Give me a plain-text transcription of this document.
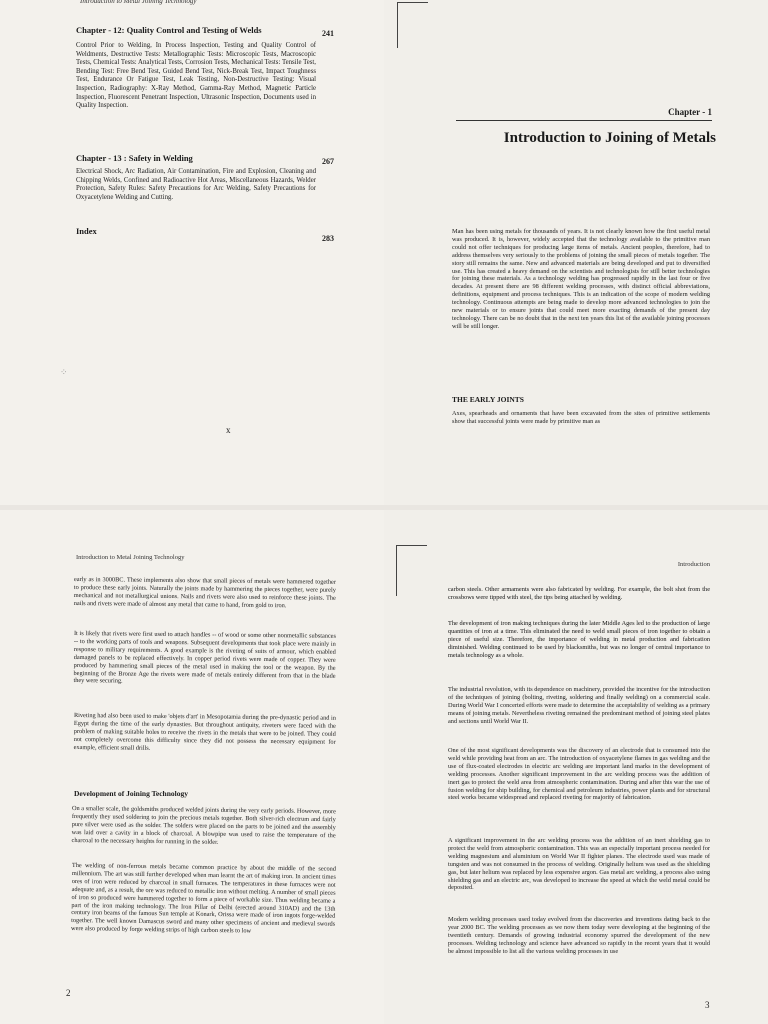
Introduction to Metal Joining Technology
Chapter - 12: Quality Control and Testing of Welds	241
Control Prior to Welding, In Process Inspection, Testing and Quality Control of Weldments, Destructive Tests: Metallographic Tests: Microscopic Tests, Macroscopic Tests, Chemical Tests: Analytical Tests, Corrosion Tests, Mechanical Tests: Tensile Test, Bending Test: Free Bend Test, Guided Bend Test, Nick-Break Test, Impact Toughness Test, Endurance Or Fatigue Test, Leak Testing, Non-Destructive Testing: Visual Inspection, Radiography: X-Ray Method, Gamma-Ray Method, Magnetic Particle Inspection, Fluorescent Penetrant Inspection, Ultrasonic Inspection, Documents used in Quality Inspection.
Chapter - 13 : Safety in Welding	267
Electrical Shock, Arc Radiation, Air Contamination, Fire and Explosion, Cleaning and Chipping Welds, Confined and Radioactive Hot Areas, Miscellaneous Hazards, Welder Protection, Safety Rules: Safety Precautions for Arc Welding, Safety Precautions for Oxyacetylene Welding and Cutting.
Index
283
⁘
x
Chapter - 1
Introduction to Joining of Metals
Man has been using metals for thousands of years. It is not clearly known how the first useful metal was produced. It is, however, widely accepted that the technology available to the primitive man could not offer techniques for producing large items of metals. Ancient peoples, therefore, had to address themselves very seriously to the problems of joining the small pieces of metals together. The story still remains the same. New and advanced materials are being developed and put to diversified use. This has created a heavy demand on the scientists and technologists for still better technologies for joining these materials. As a technology welding has progressed rapidly in the last four or five decades. At present there are 98 different welding processes, with distinct official abbreviations, definitions, equipment and process techniques. This is an indication of the scope of modern welding technology. Continuous attempts are being made to develop more advanced technologies to join the new materials or to ensure joints that could meet more exacting demands of the present day technology. There can be no doubt that in the next ten years this list of the available joining processes will be still longer.
THE EARLY JOINTS
Axes, spearheads and ornaments that have been excavated from the sites of primitive settlements show that successful joints were made by primitive man as
Introduction to Metal Joining Technology
early as in 3000BC. These implements also show that small pieces of metals were hammered together to produce these early joints. Naturally the joints made by hammering the pieces together, were purely mechanical and not metallurgical unions. Nails and rivets were also used to reinforce these joints. The nails and rivets were made of almost any metal that came to hand, from gold to iron.
It is likely that rivets were first used to attach handles -- of wood or some other nonmetallic substances -- to the working parts of tools and weapons. Subsequent developments that took place were mainly in response to military requirements. A good example is the riveting of suits of armour, which enabled damaged panels to be replaced effectively. In copper period rivets were made of copper. They were produced by hammering small pieces of the metal used in making the tool or the weapon. By the beginning of the Bronze Age the rivets were made of metals entirely different from that in the blade they were securing.
Riveting had also been used to make 'objets d'art' in Mesopotamia during the pre-dynastic period and in Egypt during the time of the early dynasties. But throughout antiquity, riveters were faced with the problem of making suitable holes to receive the rivets in the metals that were to be joined. They could not completely overcome this difficulty since they did not possess the necessary equipment for example, efficient small drills.
Development of Joining Technology
On a smaller scale, the goldsmiths produced welded joints during the very early periods. However, more frequently they used soldering to join the precious metals together. Both silver-rich electrum and fairly pure silver were used as the solder. The solders were placed on the parts to be joined and the assembly was laid over a cavity in a block of charcoal. A blowpipe was used to raise the temperature of the charcoal to the necessary heights for running in the solder.
The welding of non-ferrous metals became common practice by about the middle of the second millennium. The art was still further developed when man learnt the art of making iron. In ancient times ores of iron were reduced by charcoal in small furnaces. The temperatures in these furnaces were not adequate and, as a result, the ore was reduced to metallic iron without melting. A number of small pieces of iron so produced were hammered together to form a piece of workable size. Thus welding became a part of the iron making technology. The Iron Pillar of Delhi (erected around 310AD) and the 13th century iron beams of the famous Sun temple at Konark, Orissa were made of iron ingots forge-welded together. The well known Damascus sword and many other specimens of ancient and medieval swords were also produced by forge welding strips of high carbon steels to low
2
Introduction
carbon steels. Other armaments were also fabricated by welding. For example, the bolt shot from the crossbows were tipped with steel, the tips being attached by welding.
The development of iron making techniques during the later Middle Ages led to the production of large quantities of iron at a time. This eliminated the need to weld small pieces of iron together to obtain a piece of useful size. Therefore, the importance of welding in metal production and fabrication diminished. Welding continued to be used by blacksmiths, but was no longer of central importance to metals technology as a whole.
The industrial revolution, with its dependence on machinery, provided the incentive for the introduction of the techniques of joining (bolting, riveting, soldering and finally welding) on a commercial scale. During World War I concerted efforts were made to determine the acceptability of welding as a primary means of joining metals. Nevertheless riveting remained the predominant method of joining steel plates and sections until World War II.
One of the most significant developments was the discovery of an electrode that is consumed into the weld while providing heat from an arc. The introduction of oxyacetylene flames in gas welding and the use of flux-coated electrodes in electric arc welding are important land marks in the development of welding processes. Another significant improvement in the arc welding process was the addition of inert gas to protect the weld area from atmospheric contamination. During and after this war the use of fusion welding for ship building, for chemical and petroleum industries, power plants and for structural steel works became widespread and replaced riveting for majority of fabrication.
A significant improvement in the arc welding process was the addition of an inert shielding gas to protect the weld from atmospheric contamination. This was an especially important process needed for welding magnesium and aluminium on World War II fighter planes. The electrode used was made of tungsten and was not consumed in the process of welding. Originally helium was used as the shielding gas, but later helium was replaced by less expensive argon. Gas metal arc welding, a process also using shielding gas and an electric arc, was developed to increase the speed at which the weld metal could be deposited.
Modern welding processes used today evolved from the discoveries and inventions dating back to the year 2000 BC. The welding processes as we now them today were developing at the beginning of the twentieth century. Demands of growing industrial economy spurred the development of the new processes. Welding technology and science have advanced so rapidly in the recent years that it would be almost impossible to list all the various welding processes in use
3
